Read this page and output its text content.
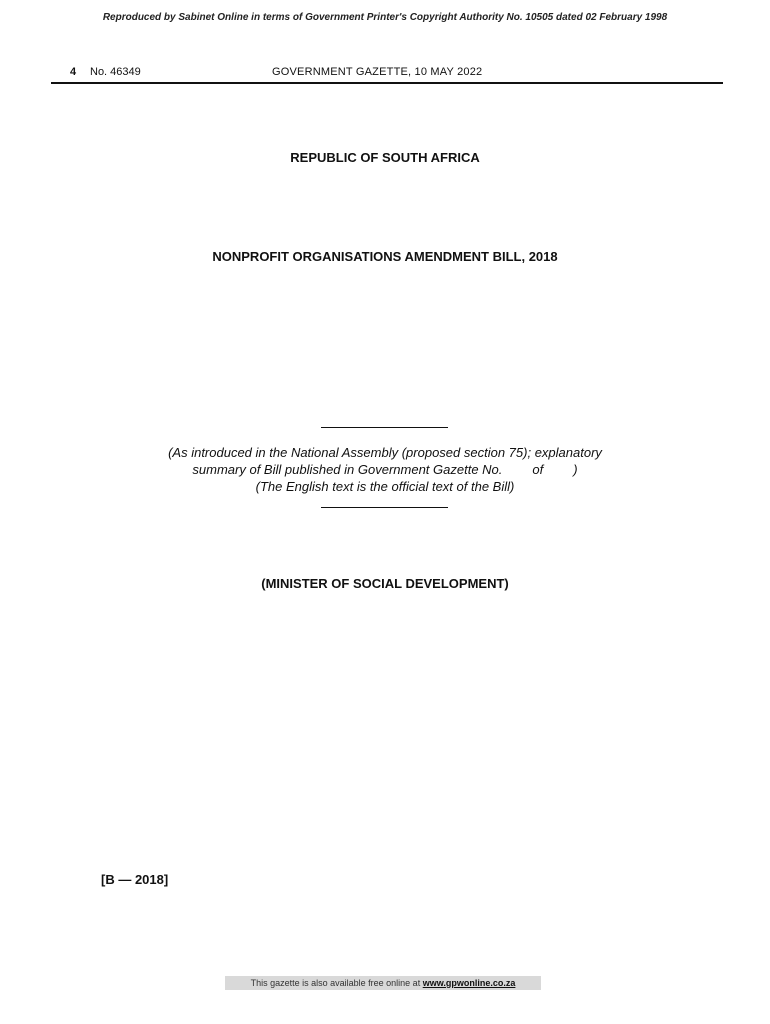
Reproduced by Sabinet Online in terms of Government Printer's Copyright Authority No. 10505 dated 02 February 1998
4 No. 46349	GOVERNMENT GAZETTE, 10 MAY 2022
REPUBLIC OF SOUTH AFRICA
NONPROFIT ORGANISATIONS AMENDMENT BILL, 2018
(As introduced in the National Assembly (proposed section 75); explanatory
summary of Bill published in Government Gazette No. of )
(The English text is the official text of the Bill)
(MINISTER OF SOCIAL DEVELOPMENT)
[B — 2018]
This gazette is also available free online at www.gpwonline.co.za
